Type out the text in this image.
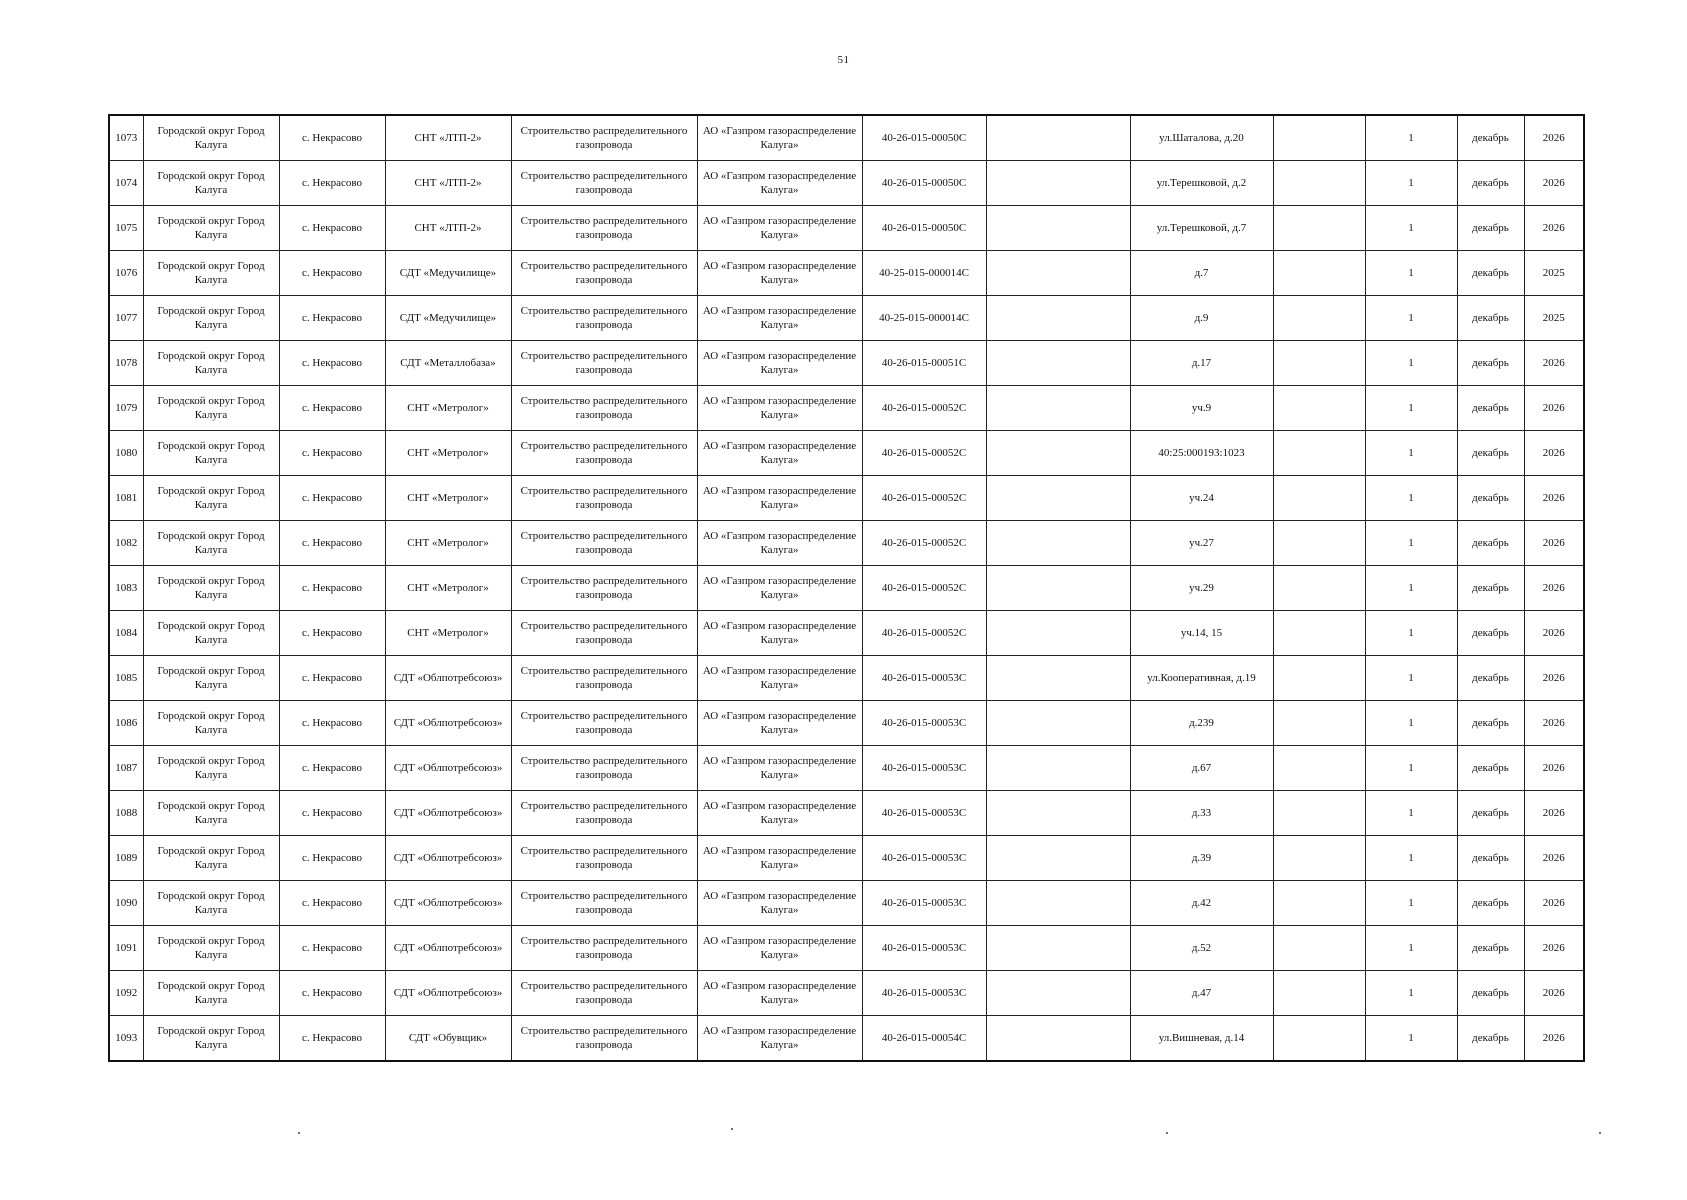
51
1073	Городской округ Город Калуга	с. Некрасово	СНТ «ЛТП-2»	Строительство распределительного газопровода	АО «Газпром газораспределение Калуга»	40-26-015-00050С		ул.Шаталова, д.20		1	декабрь	2026
1074	Городской округ Город Калуга	с. Некрасово	СНТ «ЛТП-2»	Строительство распределительного газопровода	АО «Газпром газораспределение Калуга»	40-26-015-00050С		ул.Терешковой, д.2		1	декабрь	2026
1075	Городской округ Город Калуга	с. Некрасово	СНТ «ЛТП-2»	Строительство распределительного газопровода	АО «Газпром газораспределение Калуга»	40-26-015-00050С		ул.Терешковой, д.7		1	декабрь	2026
1076	Городской округ Город Калуга	с. Некрасово	СДТ «Медучилище»	Строительство распределительного газопровода	АО «Газпром газораспределение Калуга»	40-25-015-000014С		д.7		1	декабрь	2025
1077	Городской округ Город Калуга	с. Некрасово	СДТ «Медучилище»	Строительство распределительного газопровода	АО «Газпром газораспределение Калуга»	40-25-015-000014С		д.9		1	декабрь	2025
1078	Городской округ Город Калуга	с. Некрасово	СДТ «Металлобаза»	Строительство распределительного газопровода	АО «Газпром газораспределение Калуга»	40-26-015-00051С		д.17		1	декабрь	2026
1079	Городской округ Город Калуга	с. Некрасово	СНТ «Метролог»	Строительство распределительного газопровода	АО «Газпром газораспределение Калуга»	40-26-015-00052С		уч.9		1	декабрь	2026
1080	Городской округ Город Калуга	с. Некрасово	СНТ «Метролог»	Строительство распределительного газопровода	АО «Газпром газораспределение Калуга»	40-26-015-00052С		40:25:000193:1023		1	декабрь	2026
1081	Городской округ Город Калуга	с. Некрасово	СНТ «Метролог»	Строительство распределительного газопровода	АО «Газпром газораспределение Калуга»	40-26-015-00052С		уч.24		1	декабрь	2026
1082	Городской округ Город Калуга	с. Некрасово	СНТ «Метролог»	Строительство распределительного газопровода	АО «Газпром газораспределение Калуга»	40-26-015-00052С		уч.27		1	декабрь	2026
1083	Городской округ Город Калуга	с. Некрасово	СНТ «Метролог»	Строительство распределительного газопровода	АО «Газпром газораспределение Калуга»	40-26-015-00052С		уч.29		1	декабрь	2026
1084	Городской округ Город Калуга	с. Некрасово	СНТ «Метролог»	Строительство распределительного газопровода	АО «Газпром газораспределение Калуга»	40-26-015-00052С		уч.14, 15		1	декабрь	2026
1085	Городской округ Город Калуга	с. Некрасово	СДТ «Облпотребсоюз»	Строительство распределительного газопровода	АО «Газпром газораспределение Калуга»	40-26-015-00053С		ул.Кооперативная, д.19		1	декабрь	2026
1086	Городской округ Город Калуга	с. Некрасово	СДТ «Облпотребсоюз»	Строительство распределительного газопровода	АО «Газпром газораспределение Калуга»	40-26-015-00053С		д.239		1	декабрь	2026
1087	Городской округ Город Калуга	с. Некрасово	СДТ «Облпотребсоюз»	Строительство распределительного газопровода	АО «Газпром газораспределение Калуга»	40-26-015-00053С		д.67		1	декабрь	2026
1088	Городской округ Город Калуга	с. Некрасово	СДТ «Облпотребсоюз»	Строительство распределительного газопровода	АО «Газпром газораспределение Калуга»	40-26-015-00053С		д.33		1	декабрь	2026
1089	Городской округ Город Калуга	с. Некрасово	СДТ «Облпотребсоюз»	Строительство распределительного газопровода	АО «Газпром газораспределение Калуга»	40-26-015-00053С		д.39		1	декабрь	2026
1090	Городской округ Город Калуга	с. Некрасово	СДТ «Облпотребсоюз»	Строительство распределительного газопровода	АО «Газпром газораспределение Калуга»	40-26-015-00053С		д.42		1	декабрь	2026
1091	Городской округ Город Калуга	с. Некрасово	СДТ «Облпотребсоюз»	Строительство распределительного газопровода	АО «Газпром газораспределение Калуга»	40-26-015-00053С		д.52		1	декабрь	2026
1092	Городской округ Город Калуга	с. Некрасово	СДТ «Облпотребсоюз»	Строительство распределительного газопровода	АО «Газпром газораспределение Калуга»	40-26-015-00053С		д.47		1	декабрь	2026
1093	Городской округ Город Калуга	с. Некрасово	СДТ «Обувщик»	Строительство распределительного газопровода	АО «Газпром газораспределение Калуга»	40-26-015-00054С		ул.Вишневая, д.14		1	декабрь	2026
